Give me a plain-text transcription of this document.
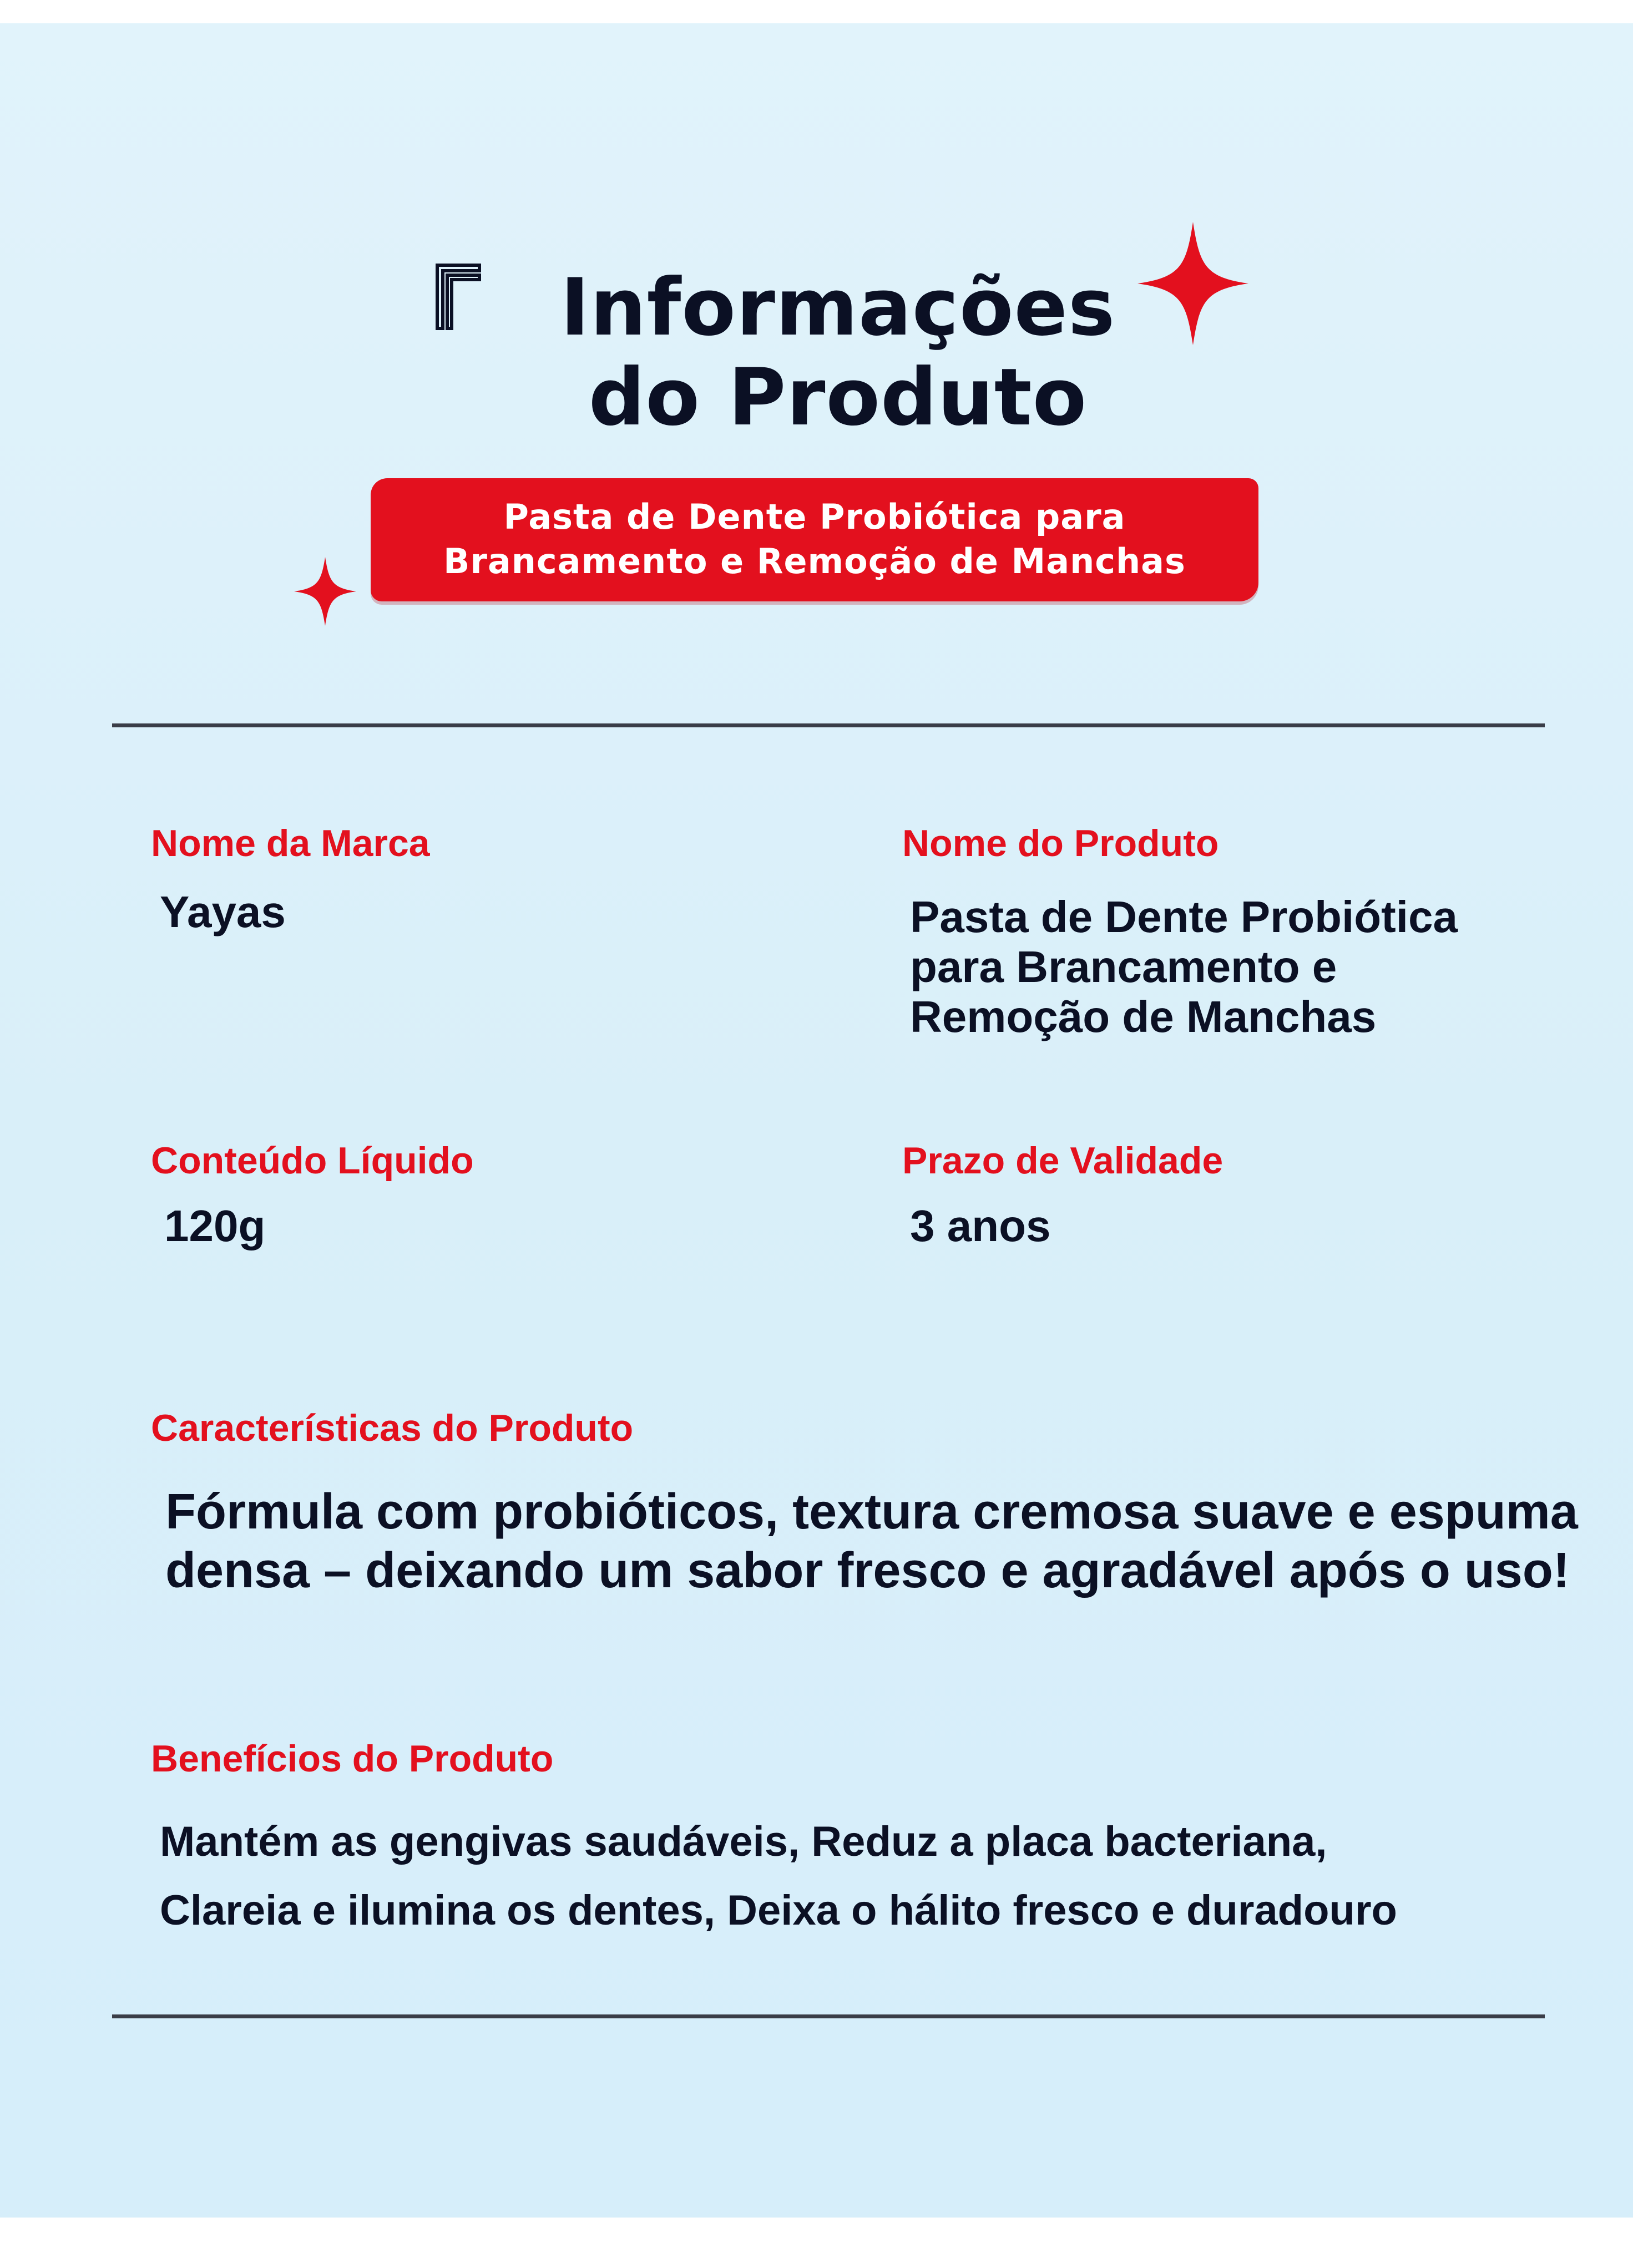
Informações
do Produto
Pasta de Dente Probiótica para
Brancamento e Remoção de Manchas
Nome da Marca
Yayas
Nome do Produto
Pasta de Dente Probiótica
para Brancamento e
Remoção de Manchas
Conteúdo Líquido
120g
Prazo de Validade
3 anos
Características do Produto
Fórmula com probióticos, textura cremosa suave e espuma
densa – deixando um sabor fresco e agradável após o uso!
Benefícios do Produto
Mantém as gengivas saudáveis, Reduz a placa bacteriana,
Clareia e ilumina os dentes, Deixa o hálito fresco e duradouro
